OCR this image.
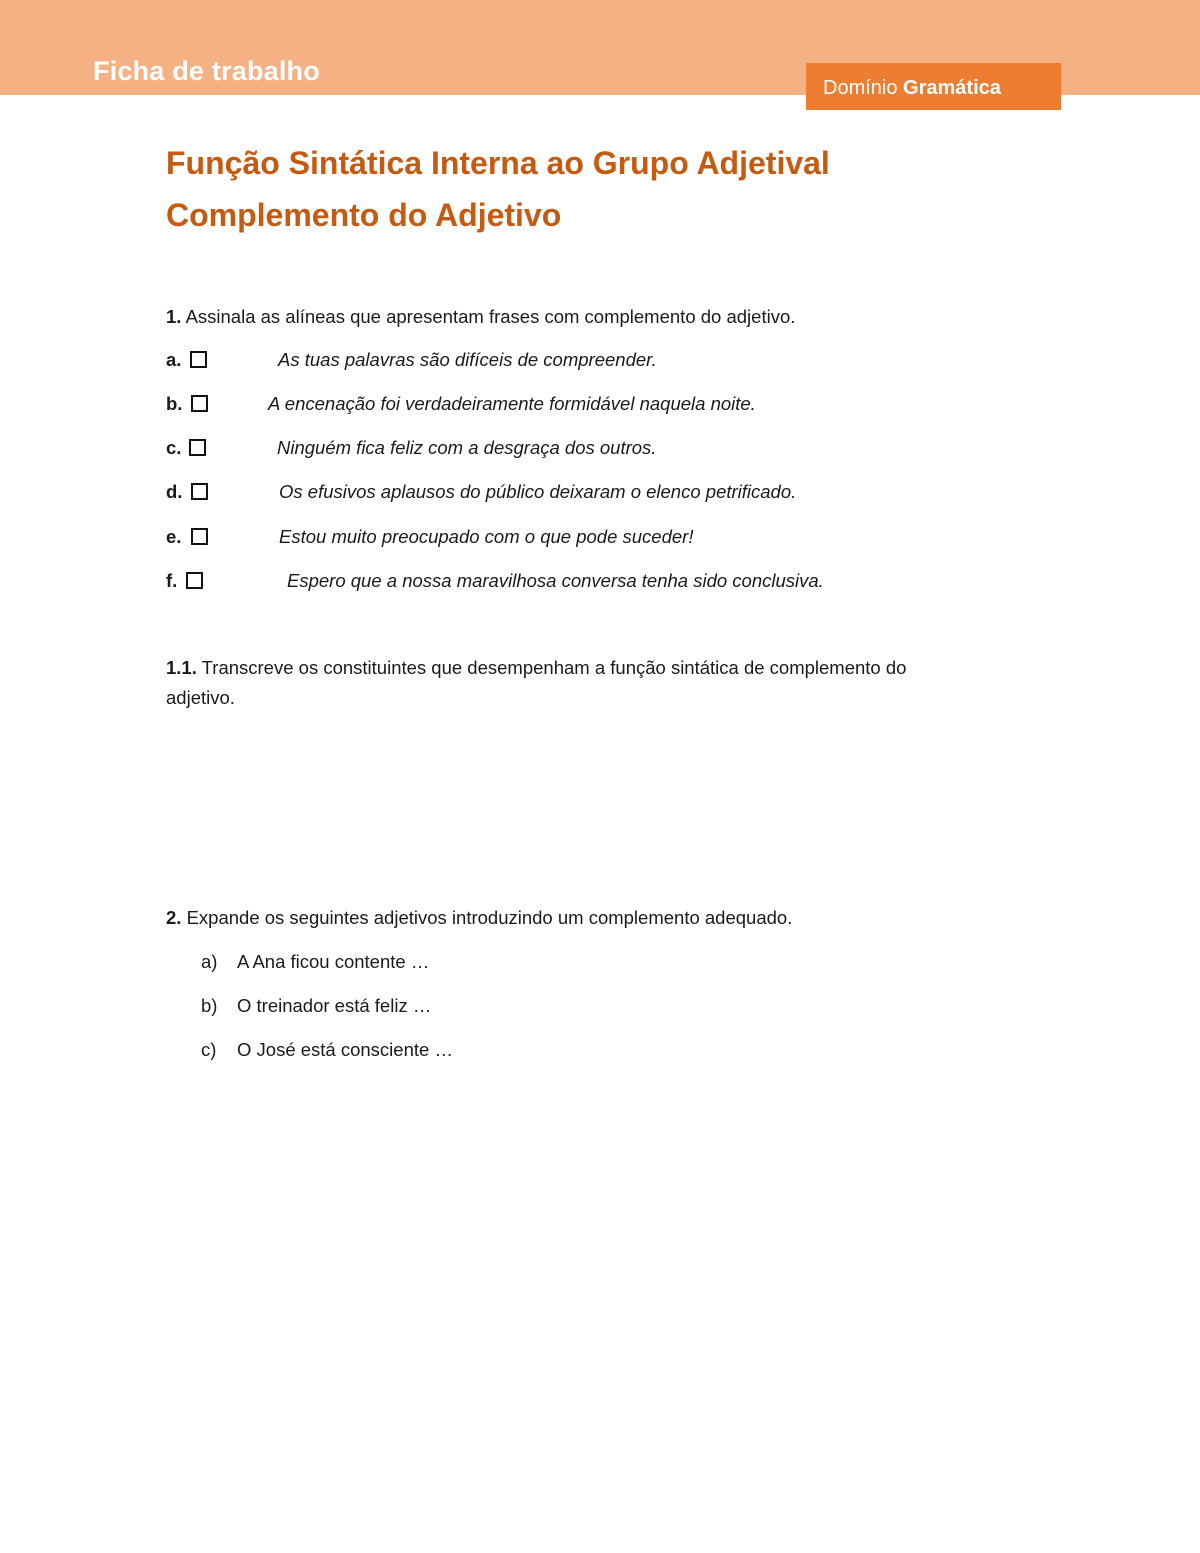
Ficha de trabalho
Domínio Gramática
Função Sintática Interna ao Grupo Adjetival
Complemento do Adjetivo
1. Assinala as alíneas que apresentam frases com complemento do adjetivo.
a.	As tuas palavras são difíceis de compreender.
b.	A encenação foi verdadeiramente formidável naquela noite.
c.	Ninguém fica feliz com a desgraça dos outros.
d.	Os efusivos aplausos do público deixaram o elenco petrificado.
e.	Estou muito preocupado com o que pode suceder!
f.	Espero que a nossa maravilhosa conversa tenha sido conclusiva.
1.1. Transcreve os constituintes que desempenham a função sintática de complemento do
adjetivo.
2. Expande os seguintes adjetivos introduzindo um complemento adequado.
a) A Ana ficou contente …
b) O treinador está feliz …
c) O José está consciente …
